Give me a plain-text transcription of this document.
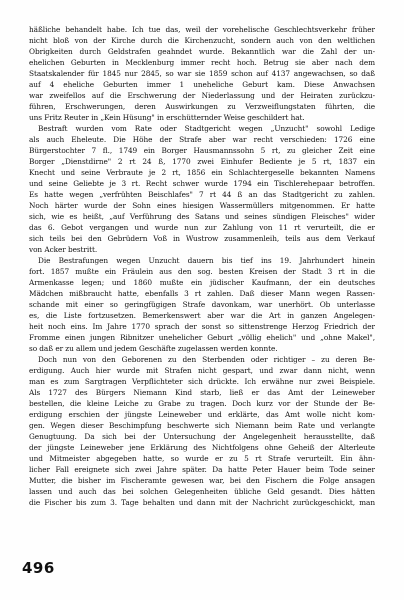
häßliche behandelt habe. Ich tue das, weil der vorehelische Geschlechtsverkehr früher
nicht bloß von der Kirche durch die Kirchenzucht, sondern auch von den weltlichen
Obrigkeiten durch Geldstrafen geahndet wurde. Bekanntlich war die Zahl der un-
ehelichen Geburten in Mecklenburg immer recht hoch. Betrug sie aber nach dem
Staatskalender für 1845 nur 2845, so war sie 1859 schon auf 4137 angewachsen, so daß
auf 4 eheliche Geburten immer 1 uneheliche Geburt kam. Diese Anwachsen
war zweifellos auf die Erschwerung der Niederlassung und der Heiraten zurückzu-
führen, Erschwerungen, deren Auswirkungen zu Verzweiflungstaten führten, die
uns Fritz Reuter in „Kein Hüsung" in erschütternder Weise geschildert hat.
Bestraft wurden vom Rate oder Stadtgericht wegen „Unzucht" sowohl Ledige
als auch Eheleute. Die Höhe der Strafe aber war recht verschieden: 1726 eine
Bürgerstochter 7 fl., 1749 ein Borger Hausmannssohn 5 rt, zu gleicher Zeit eine
Borger „Dienstdirne" 2 rt 24 ß, 1770 zwei Einhufer Bediente je 5 rt, 1837 ein
Knecht und seine Verbraute je 2 rt, 1856 ein Schlachtergeselle bekannten Namens
und seine Geliebte je 3 rt. Recht schwer wurde 1794 ein Tischlerehepaar betroffen.
Es hatte wegen „verfrühten Beischlafes" 7 rt 44 ß an das Stadtgericht zu zahlen.
Noch härter wurde der Sohn eines hiesigen Wassermüllers mitgenommen. Er hatte
sich, wie es heißt, „auf Verführung des Satans und seines sündigen Fleisches" wider
das 6. Gebot vergangen und wurde nun zur Zahlung von 11 rt verurteilt, die er
sich teils bei den Gebrüdern Voß in Wustrow zusammenleih, teils aus dem Verkauf
von Acker bestritt.
Die Bestrafungen wegen Unzucht dauern bis tief ins 19. Jahrhundert hinein
fort. 1857 mußte ein Fräulein aus den sog. besten Kreisen der Stadt 3 rt in die
Armenkasse legen; und 1860 mußte ein jüdischer Kaufmann, der ein deutsches
Mädchen mißbraucht hatte, ebenfalls 3 rt zahlen. Daß dieser Mann wegen Rassen-
schande mit einer so geringfügigen Strafe davonkam, war unerhört. Ob unterlasse
es, die Liste fortzusetzen. Bemerkenswert aber war die Art in ganzen Angelegen-
heit noch eins. Im Jahre 1770 sprach der sonst so sittenstrenge Herzog Friedrich der
Fromme einen jungen Ribnitzer unehelicher Geburt „völlig ehelich" und „ohne Makel",
so daß er zu allem und jedem Geschäfte zugelassen werden konnte.
Doch nun von den Geborenen zu den Sterbenden oder richtiger – zu deren Be-
erdigung. Auch hier wurde mit Strafen nicht gespart, und zwar dann nicht, wenn
man es zum Sargtragen Verpflichteter sich drückte. Ich erwähne nur zwei Beispiele.
Als 1727 des Bürgers Niemann Kind starb, ließ er das Amt der Leineweber
bestellen, die kleine Leiche zu Grabe zu tragen. Doch kurz vor der Stunde der Be-
erdigung erschien der jüngste Leineweber und erklärte, das Amt wolle nicht kom-
gen. Wegen dieser Beschimpfung beschwerte sich Niemann beim Rate und verlangte
Genugtuung. Da sich bei der Untersuchung der Angelegenheit herausstellte, daß
der jüngste Leineweber jene Erklärung des Nichtfolgens ohne Geheiß der Alterleute
und Mitmeister abgegeben hatte, so wurde er zu 5 rt Strafe verurteilt. Ein ähn-
licher Fall ereignete sich zwei Jahre später. Da hatte Peter Hauer beim Tode seiner
Mutter, die bisher im Fischeramte gewesen war, bei den Fischern die Folge ansagen
lassen und auch das bei solchen Gelegenheiten übliche Geld gesandt. Dies hätten
die Fischer bis zum 3. Tage behalten und dann mit der Nachricht zurückgeschickt, man
496
